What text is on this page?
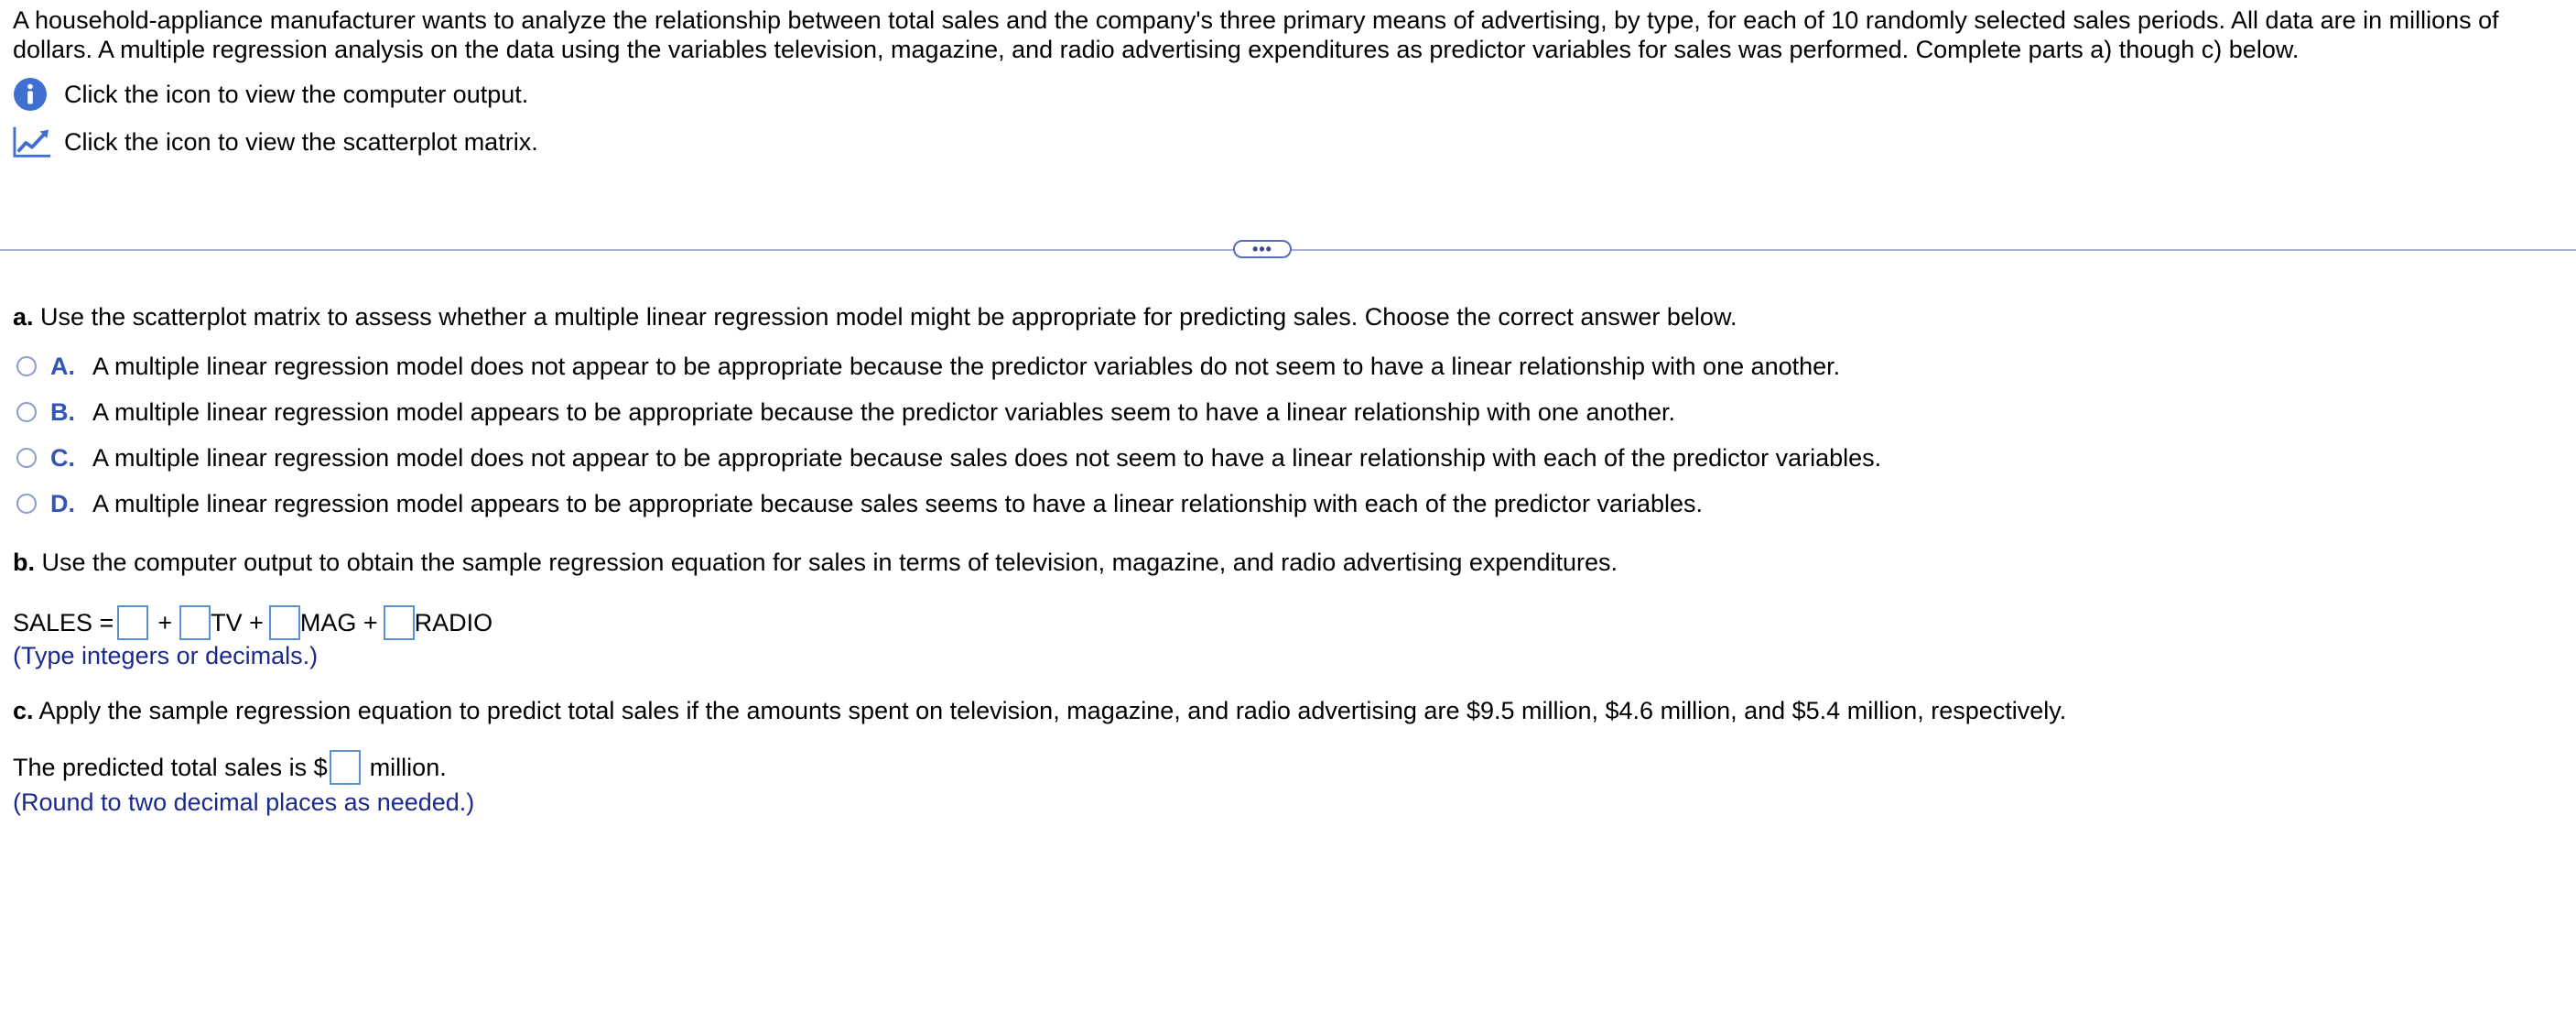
A household-appliance manufacturer wants to analyze the relationship between total sales and the company's three primary means of advertising, by type, for each of 10 randomly selected sales periods. All data are in millions of dollars. A multiple regression analysis on the data using the variables television, magazine, and radio advertising expenditures as predictor variables for sales was performed. Complete parts a) though c) below.

Click the icon to view the computer output.
Click the icon to view the scatterplot matrix.
•••
a. Use the scatterplot matrix to assess whether a multiple linear regression model might be appropriate for predicting sales. Choose the correct answer below.
A. A multiple linear regression model does not appear to be appropriate because the predictor variables do not seem to have a linear relationship with one another.
B. A multiple linear regression model appears to be appropriate because the predictor variables seem to have a linear relationship with one another.
C. A multiple linear regression model does not appear to be appropriate because sales does not seem to have a linear relationship with each of the predictor variables.
D. A multiple linear regression model appears to be appropriate because sales seems to have a linear relationship with each of the predictor variables.
b. Use the computer output to obtain the sample regression equation for sales in terms of television, magazine, and radio advertising expenditures.
SALES = + TV + MAG + RADIO
(Type integers or decimals.)
c. Apply the sample regression equation to predict total sales if the amounts spent on television, magazine, and radio advertising are $9.5 million, $4.6 million, and $5.4 million, respectively.
The predicted total sales is $ million.
(Round to two decimal places as needed.)
